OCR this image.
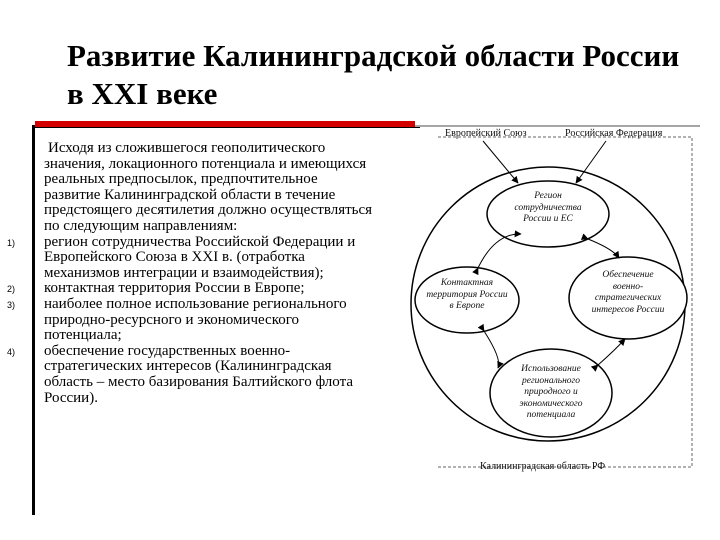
Развитие Калининградской области России в XXI веке
Исходя из сложившегося геополитического значения, локационного потенциала и имеющихся реальных предпосылок, предпочтительное развитие Калининградской области в течение предстоящего десятилетия должно осуществляться по следующим направлениям:
1) регион сотрудничества Российской Федерации и Европейского Союза в XXI в. (отработка механизмов интеграции и взаимодействия);
2) контактная территория России в Европе;
3) наиболее полное использование регионального природно-ресурсного и экономического потенциала;
4) обеспечение государственных военно-стратегических интересов (Калининградская область – место базирования Балтийского флота России).
Европейский Союз	Российская Федерация
Регион сотрудничества России и ЕС
Контактная территория России в Европе
Обеспечение военно-стратегических интересов России
Использование регионального природного и экономического потенциала
Калининградская область РФ
